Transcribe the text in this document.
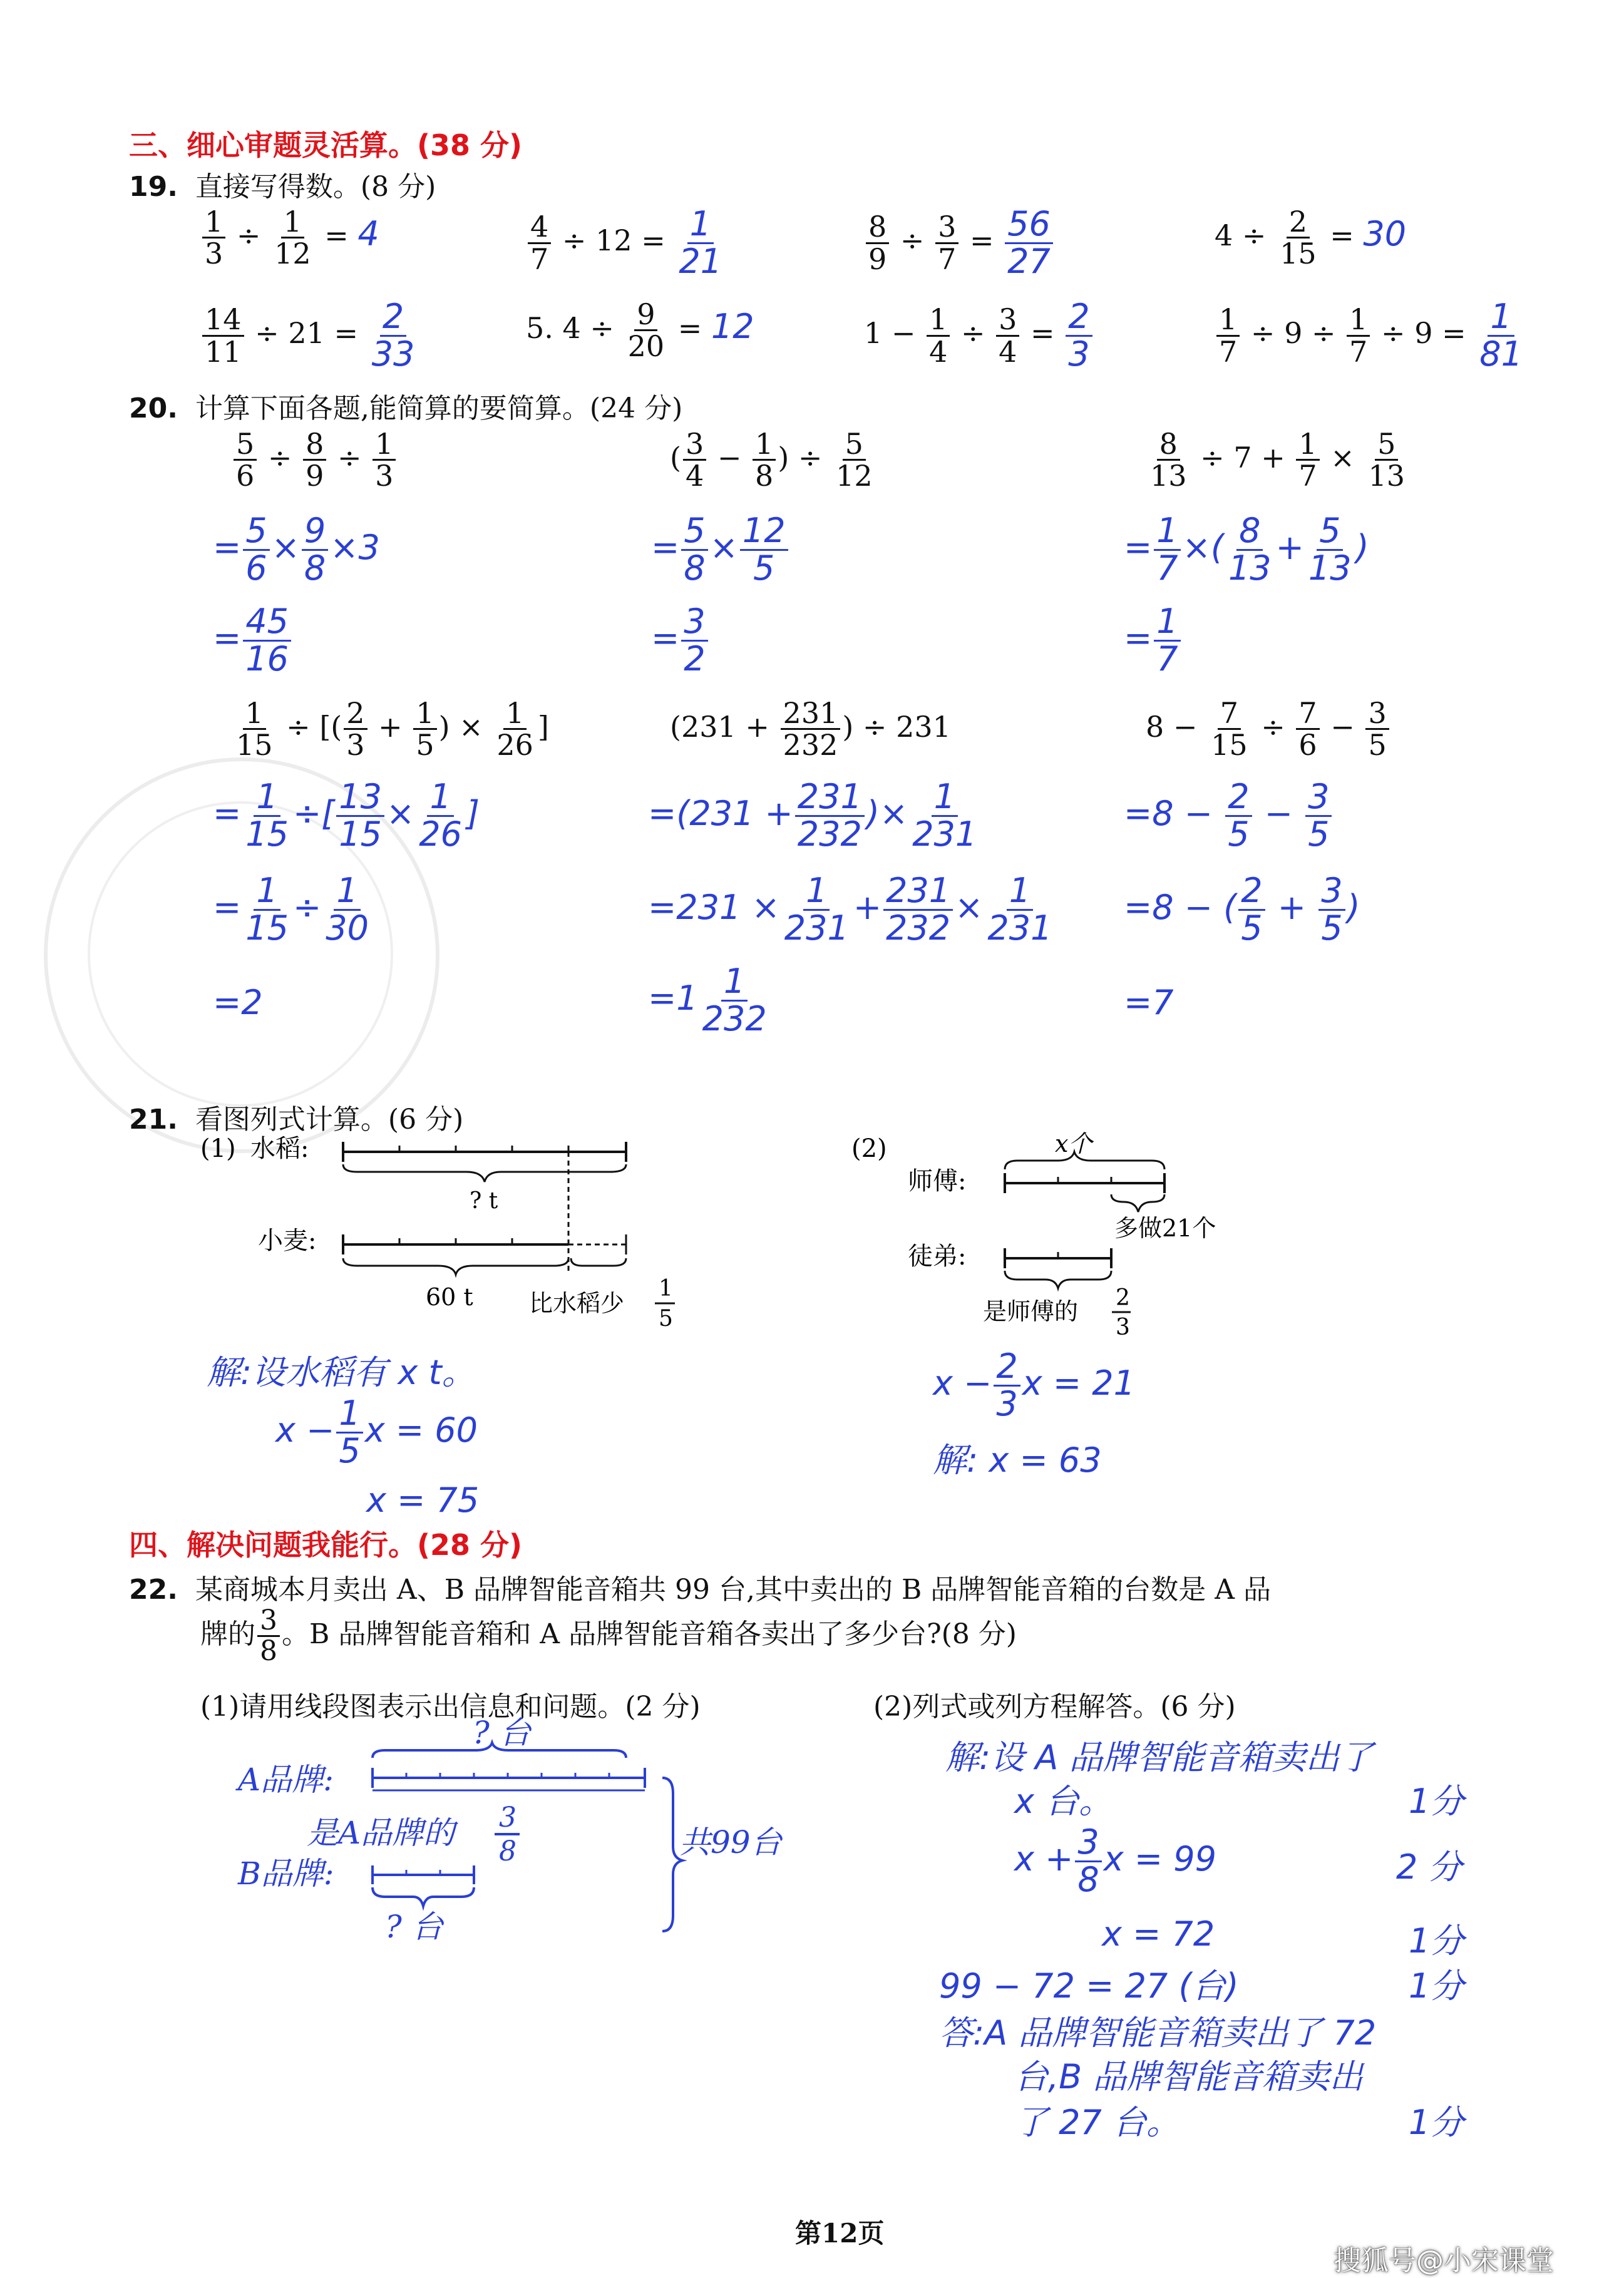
三、细心审题灵活算。(38 分)
19. 直接写得数。(8 分)
$\frac{1}{3} \div \frac{1}{12} = 4$	$\frac{4}{7} \div 12 = \frac{1}{21}$	$\frac{8}{9} \div \frac{3}{7} = \frac{56}{27}$	$4 \div \frac{2}{15} = 30$
$\frac{14}{11} \div 21 = \frac{2}{33}$	5. $4 \div \frac{9}{20} = 12$	$1 - \frac{1}{4} \div \frac{3}{4} = \frac{2}{3}$	$\frac{1}{7} \div 9 \div \frac{1}{7} \div 9 = \frac{1}{81}$
20. 计算下面各题,能简算的要简算。(24 分)
$\frac{5}{6} \div \frac{8}{9} \div \frac{1}{3}$
= $\frac{5}{6} \times \frac{9}{8} \times 3$
= $\frac{45}{16}$
( $\frac{3}{4} - \frac{1}{8}$ ) ÷ $\frac{5}{12}$
= $\frac{5}{8} \times \frac{12}{5}$
= $\frac{3}{2}$
$\frac{8}{13} \div 7 + \frac{1}{7} \times \frac{5}{13}$
= $\frac{1}{7}$ ×( $\frac{8}{13} + \frac{5}{13}$ )
= $\frac{1}{7}$
$\frac{1}{15}$ ÷ [( $\frac{2}{3} + \frac{1}{5}$ ) × $\frac{1}{26}$ ]
= $\frac{1}{15}$ ÷[ $\frac{13}{15} \times \frac{1}{26}$ ]
= $\frac{1}{15} \div \frac{1}{30}$
=2
($231 + \frac{231}{232}$ ) ÷ 231
$=(231 + \frac{231}{232}$ )× $\frac{1}{231}$
$=231 \times \frac{1}{231} + \frac{231}{232} \times \frac{1}{231}$
$=1 \frac{1}{232}$
$8 - \frac{7}{15} \div \frac{7}{6} - \frac{3}{5}$
$=8 - \frac{2}{5} - \frac{3}{5}$
=8 − ( $\frac{2}{5} + \frac{3}{5}$ )
=7
21. 看图列式计算。(6 分)
(1) 水稻:
? t
小麦:
60 t 比水稻少
1
5
解:设水稻有 x t。
$x - \frac{1}{5}$ x = 60
x = 75
(2)	x个
师傅:
多做21个
徒弟:
是师傅的 2
3
$x - \frac{2}{3}$ x = 21
解: x = 63
四、解决问题我能行。(28 分)
22. 某商城本月卖出 A、B 品牌智能音箱共 99 台,其中卖出的 B 品牌智能音箱的台数是 A 品
牌的 $\frac{3}{8}$ 。B 品牌智能音箱和 A 品牌智能音箱各卖出了多少台?(8 分)
(1)请用线段图表示出信息和问题。(2 分)	(2)列式或列方程解答。(6 分)
? 台
A品牌:
是A品牌的
B品牌:
共99台
? 台
3
8
解:设 A 品牌智能音箱卖出了
x 台。	1分
$x + \frac{3}{8}$ x = 99	2 分
x = 72	1分
99 − 72 = 27 (台)	1分
答:A 品牌智能音箱卖出了 72
台,B 品牌智能音箱卖出
了 27 台。	1分
第12页
搜狐号@小宋课堂
